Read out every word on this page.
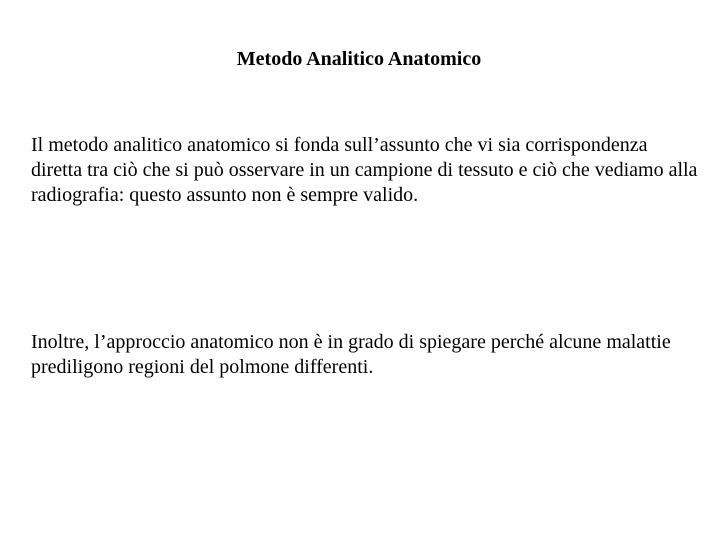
Metodo Analitico Anatomico

Il metodo analitico anatomico si fonda sull’assunto che vi sia corrispondenza diretta tra ciò che si può osservare in un campione di tessuto e ciò che vediamo alla radiografia: questo assunto non è sempre valido.

Inoltre, l’approccio anatomico non è in grado di spiegare perché alcune malattie prediligono regioni del polmone differenti.
